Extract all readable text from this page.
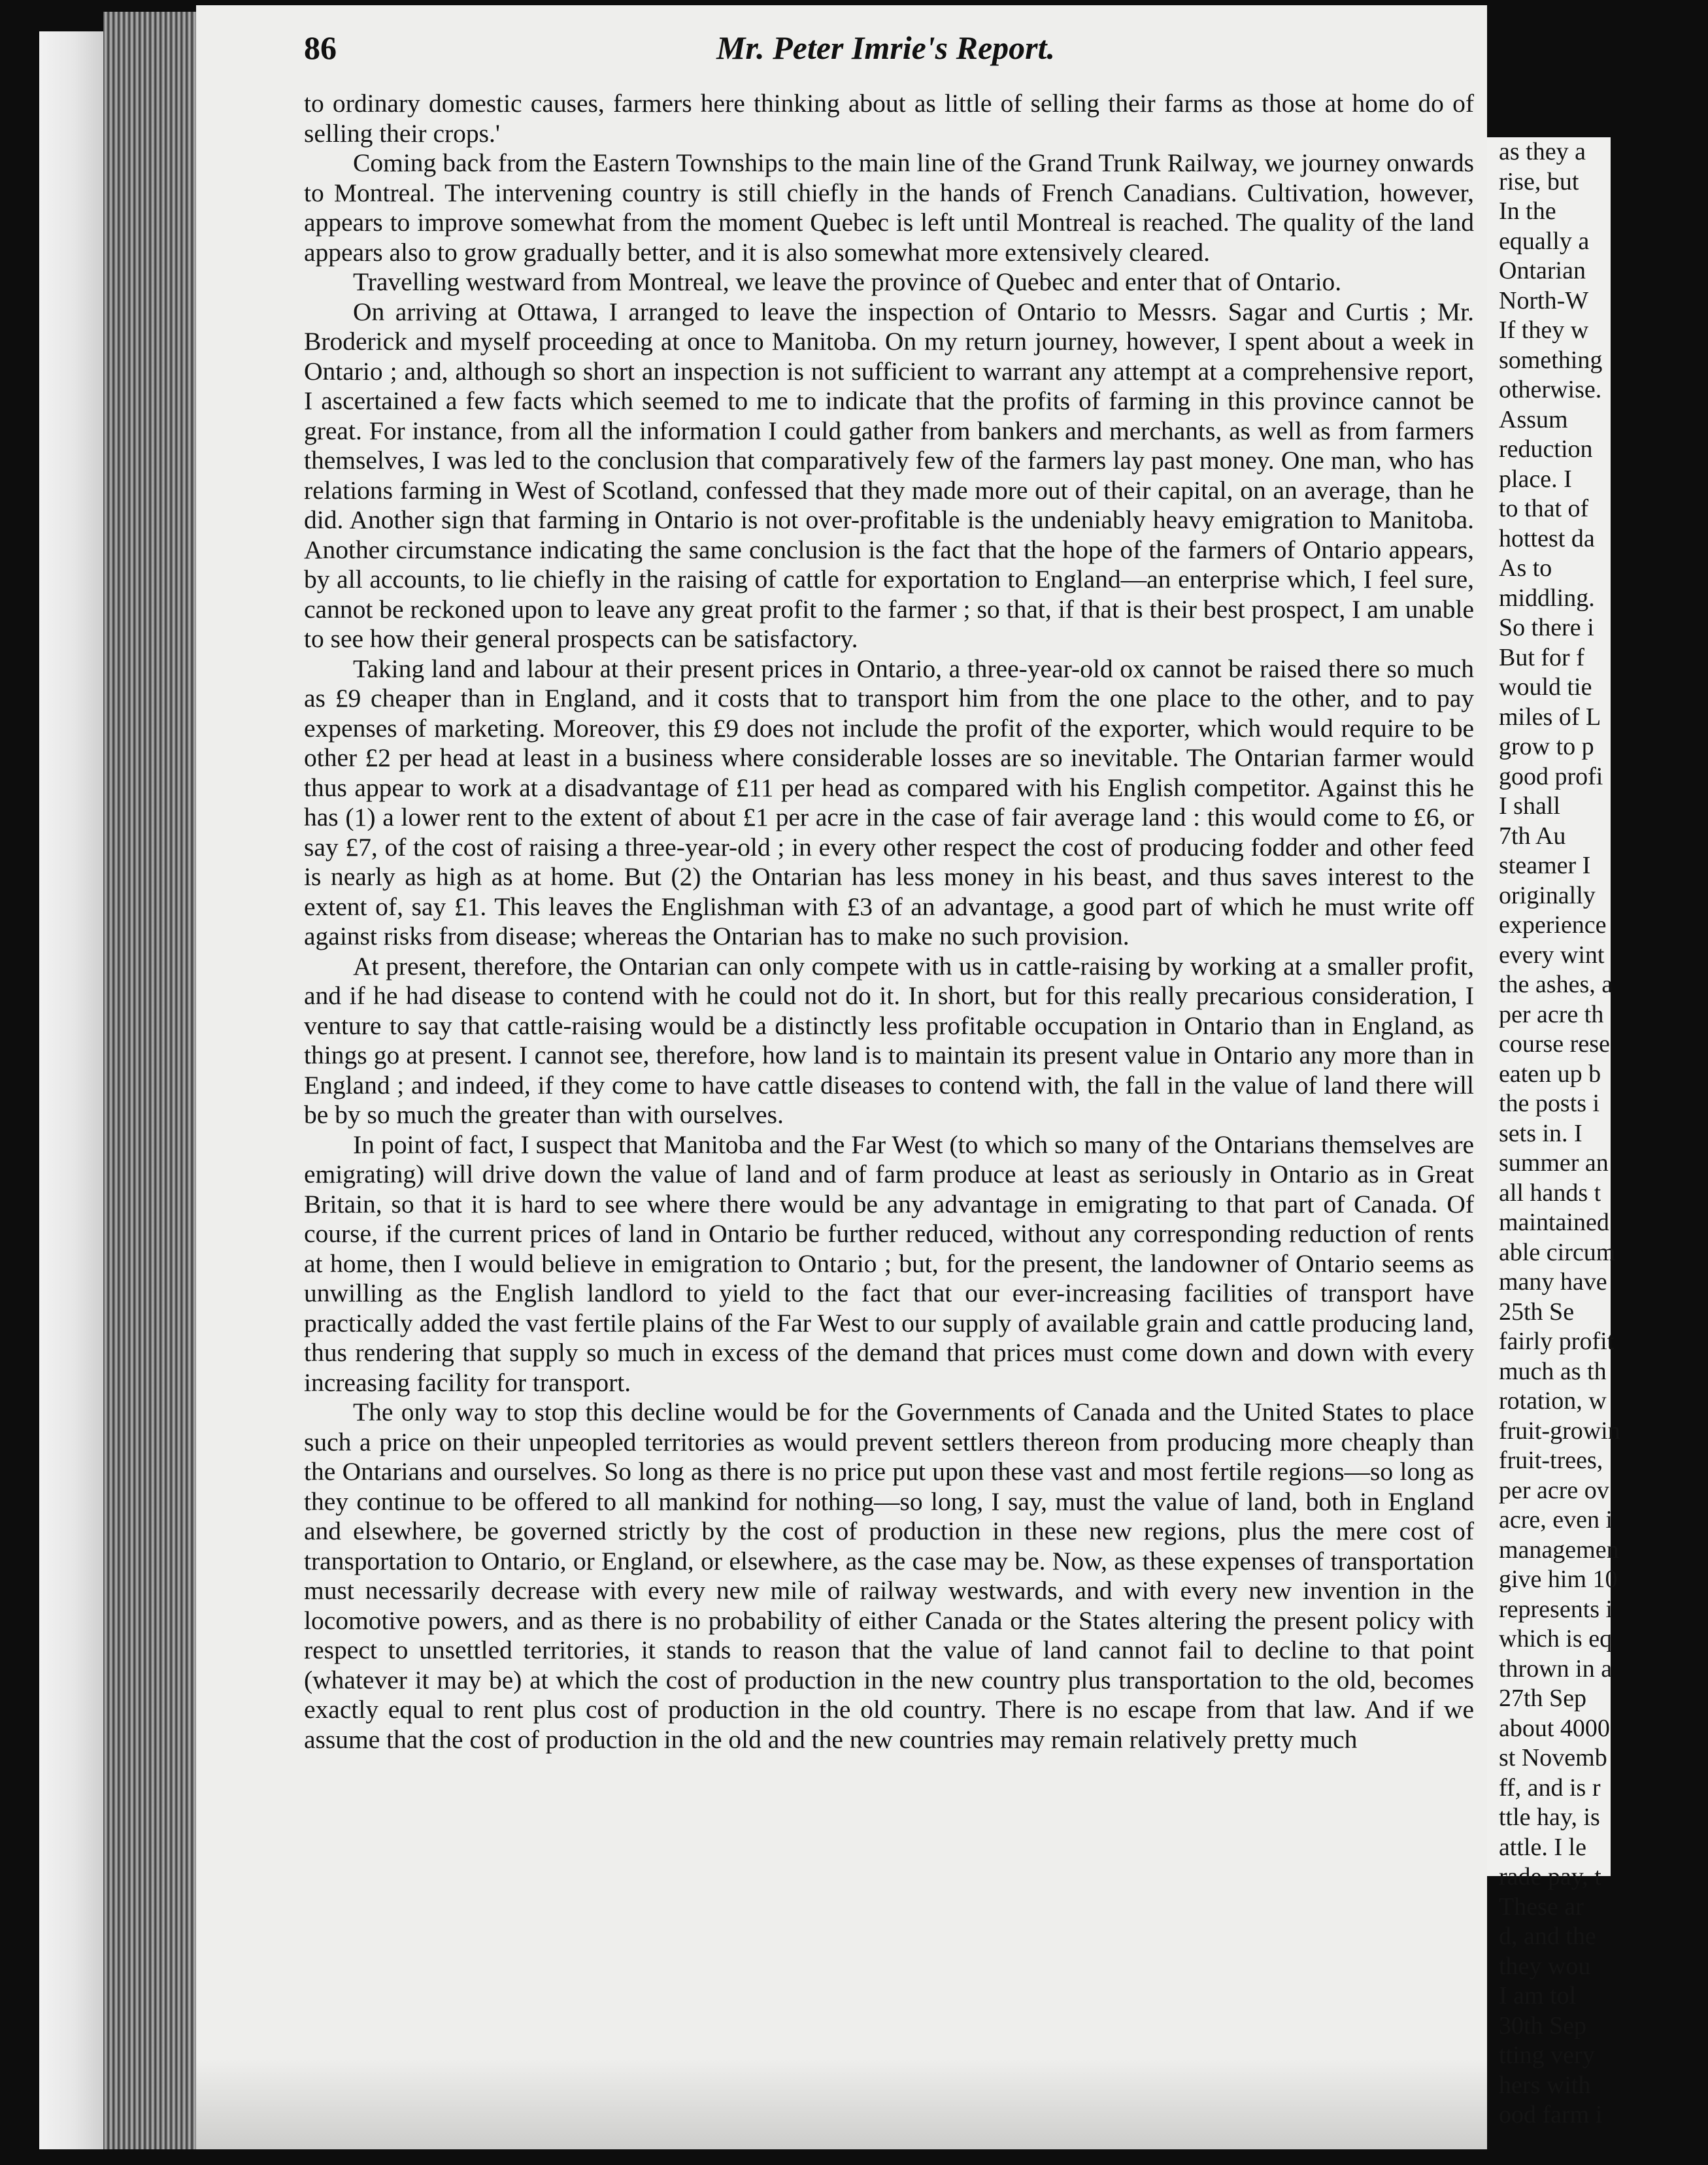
86	Mr. Peter Imrie's Report.

to ordinary domestic causes, farmers here thinking about as little of selling their farms as those at home do of selling their crops.'

Coming back from the Eastern Townships to the main line of the Grand Trunk Railway, we journey onwards to Montreal. The intervening country is still chiefly in the hands of French Canadians. Cultivation, however, appears to improve somewhat from the moment Quebec is left until Montreal is reached. The quality of the land appears also to grow gradually better, and it is also somewhat more extensively cleared.

Travelling westward from Montreal, we leave the province of Quebec and enter that of Ontario.

On arriving at Ottawa, I arranged to leave the inspection of Ontario to Messrs. Sagar and Curtis ; Mr. Broderick and myself proceeding at once to Manitoba. On my return journey, however, I spent about a week in Ontario ; and, although so short an inspection is not sufficient to warrant any attempt at a comprehensive report, I ascertained a few facts which seemed to me to indicate that the profits of farming in this province cannot be great. For instance, from all the information I could gather from bankers and merchants, as well as from farmers themselves, I was led to the conclusion that comparatively few of the farmers lay past money. One man, who has relations farming in West of Scotland, confessed that they made more out of their capital, on an average, than he did. Another sign that farming in Ontario is not over-profitable is the undeniably heavy emigration to Manitoba. Another circumstance indicating the same conclusion is the fact that the hope of the farmers of Ontario appears, by all accounts, to lie chiefly in the raising of cattle for exportation to England—an enterprise which, I feel sure, cannot be reckoned upon to leave any great profit to the farmer ; so that, if that is their best prospect, I am unable to see how their general prospects can be satisfactory.

Taking land and labour at their present prices in Ontario, a three-year-old ox cannot be raised there so much as £9 cheaper than in England, and it costs that to transport him from the one place to the other, and to pay expenses of marketing. Moreover, this £9 does not include the profit of the exporter, which would require to be other £2 per head at least in a business where considerable losses are so inevitable. The Ontarian farmer would thus appear to work at a disadvantage of £11 per head as compared with his English competitor. Against this he has (1) a lower rent to the extent of about £1 per acre in the case of fair average land : this would come to £6, or say £7, of the cost of raising a three-year-old ; in every other respect the cost of producing fodder and other feed is nearly as high as at home. But (2) the Ontarian has less money in his beast, and thus saves interest to the extent of, say £1. This leaves the Englishman with £3 of an advantage, a good part of which he must write off against risks from disease; whereas the Ontarian has to make no such provision.

At present, therefore, the Ontarian can only compete with us in cattle-raising by working at a smaller profit, and if he had disease to contend with he could not do it. In short, but for this really precarious consideration, I venture to say that cattle-raising would be a distinctly less profitable occupation in Ontario than in England, as things go at present. I cannot see, therefore, how land is to maintain its present value in Ontario any more than in England ; and indeed, if they come to have cattle diseases to contend with, the fall in the value of land there will be by so much the greater than with ourselves.

In point of fact, I suspect that Manitoba and the Far West (to which so many of the Ontarians themselves are emigrating) will drive down the value of land and of farm produce at least as seriously in Ontario as in Great Britain, so that it is hard to see where there would be any advantage in emigrating to that part of Canada. Of course, if the current prices of land in Ontario be further reduced, without any corresponding reduction of rents at home, then I would believe in emigration to Ontario ; but, for the present, the landowner of Ontario seems as unwilling as the English landlord to yield to the fact that our ever-increasing facilities of transport have practically added the vast fertile plains of the Far West to our supply of available grain and cattle producing land, thus rendering that supply so much in excess of the demand that prices must come down and down with every increasing facility for transport.

The only way to stop this decline would be for the Governments of Canada and the United States to place such a price on their unpeopled territories as would prevent settlers thereon from producing more cheaply than the Ontarians and ourselves. So long as there is no price put upon these vast and most fertile regions—so long as they continue to be offered to all mankind for nothing—so long, I say, must the value of land, both in England and elsewhere, be governed strictly by the cost of production in these new regions, plus the mere cost of transportation to Ontario, or England, or elsewhere, as the case may be. Now, as these expenses of transportation must necessarily decrease with every new mile of railway westwards, and with every new invention in the locomotive powers, and as there is no probability of either Canada or the States altering the present policy with respect to unsettled territories, it stands to reason that the value of land cannot fail to decline to that point (whatever it may be) at which the cost of production in the new country plus transportation to the old, becomes exactly equal to rent plus cost of production in the old country. There is no escape from that law. And if we assume that the cost of production in the old and the new countries may remain relatively pretty much

as they a
rise, but
In the
equally a
Ontarian
North-W
If they w
something
otherwise.
Assum
reduction
place. I
to that of
hottest da
As to
middling.
So there i
But for f
would tie
miles of L
grow to p
good profi
I shall
7th Au
steamer I
originally
experience
every wint
the ashes, a
per acre th
course rese
eaten up b
the posts i
sets in. I
summer an
all hands t
maintained
able circum
many have
25th Se
fairly profit
much as th
rotation, w
fruit-growin
fruit-trees,
per acre ov
acre, even i
managemen
give him 10
represents i
which is eq
thrown in a
27th Sep
about 4000
st Novemb
ff, and is r
ttle hay, is
attle. I le
rade pay, t
These ar
d, and the
they wou
I am tol
30th Sep
tting very
hers with
ood farm i
